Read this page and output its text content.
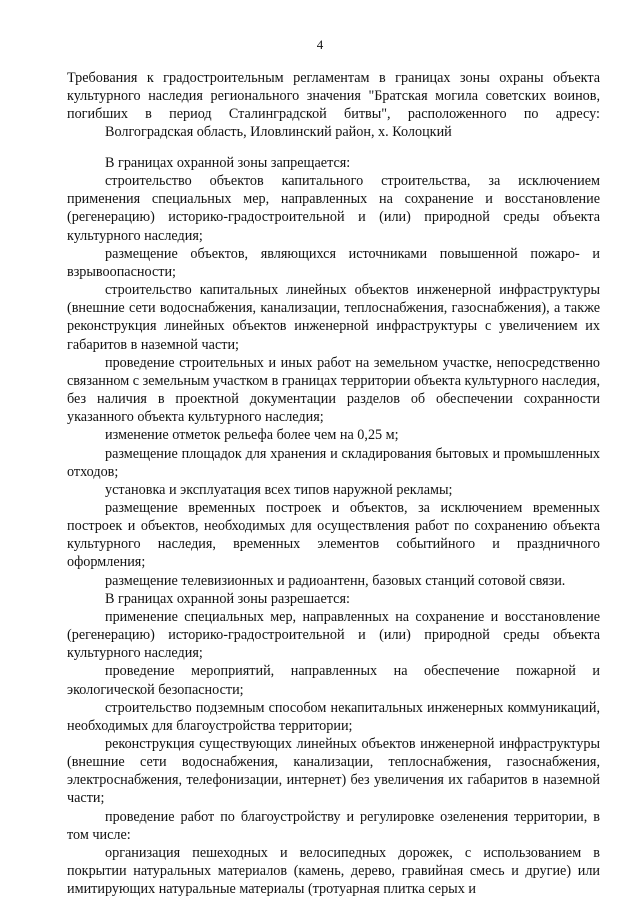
4

Требования к градостроительным регламентам в границах зоны охраны объекта культурного наследия регионального значения "Братская могила советских воинов, погибших в период Сталинградской битвы", расположенного по адресу:

Волгоградская область, Иловлинский район, х. Колоцкий

В границах охранной зоны запрещается:

строительство объектов капитального строительства, за исключением применения специальных мер, направленных на сохранение и восстановление (регенерацию) историко-градостроительной и (или) природной среды объекта культурного наследия;

размещение объектов, являющихся источниками повышенной пожаро- и взрывоопасности;

строительство капитальных линейных объектов инженерной инфраструктуры (внешние сети водоснабжения, канализации, теплоснабжения, газоснабжения), а также реконструкция линейных объектов инженерной инфраструктуры с увеличением их габаритов в наземной части;

проведение строительных и иных работ на земельном участке, непосредственно связанном с земельным участком в границах территории объекта культурного наследия, без наличия в проектной документации разделов об обеспечении сохранности указанного объекта культурного наследия;

изменение отметок рельефа более чем на 0,25 м;

размещение площадок для хранения и складирования бытовых и промышленных отходов;

установка и эксплуатация всех типов наружной рекламы;

размещение временных построек и объектов, за исключением временных построек и объектов, необходимых для осуществления работ по сохранению объекта культурного наследия, временных элементов событийного и праздничного оформления;

размещение телевизионных и радиоантенн, базовых станций сотовой связи.

В границах охранной зоны разрешается:

применение специальных мер, направленных на сохранение и восстановление (регенерацию) историко-градостроительной и (или) природной среды объекта культурного наследия;

проведение мероприятий, направленных на обеспечение пожарной и экологической безопасности;

строительство подземным способом некапитальных инженерных коммуникаций, необходимых для благоустройства территории;

реконструкция существующих линейных объектов инженерной инфраструктуры (внешние сети водоснабжения, канализации, теплоснабжения, газоснабжения, электроснабжения, телефонизации, интернет) без увеличения их габаритов в наземной части;

проведение работ по благоустройству и регулировке озеленения территории, в том числе:

организация пешеходных и велосипедных дорожек, с использованием в покрытии натуральных материалов (камень, дерево, гравийная смесь и другие) или имитирующих натуральные материалы (тротуарная плитка серых и
